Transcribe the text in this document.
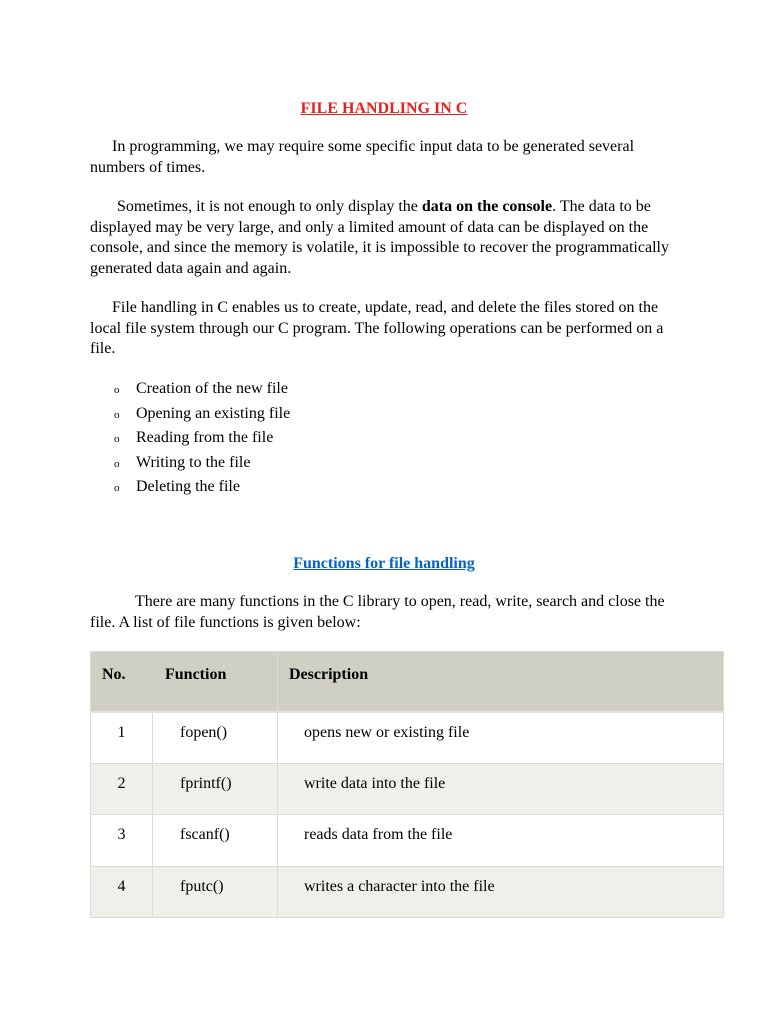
FILE HANDLING IN C

In programming, we may require some specific input data to be generated several numbers of times.

Sometimes, it is not enough to only display the data on the console. The data to be displayed may be very large, and only a limited amount of data can be displayed on the console, and since the memory is volatile, it is impossible to recover the programmatically generated data again and again.

File handling in C enables us to create, update, read, and delete the files stored on the local file system through our C program. The following operations can be performed on a file.

o	Creation of the new file
o	Opening an existing file
o	Reading from the file
o	Writing to the file
o	Deleting the file
Functions for file handling

There are many functions in the C library to open, read, write, search and close the file. A list of file functions is given below:

No.	Function	Description
1	fopen()	opens new or existing file
2	fprintf()	write data into the file
3	fscanf()	reads data from the file
4	fputc()	writes a character into the file
